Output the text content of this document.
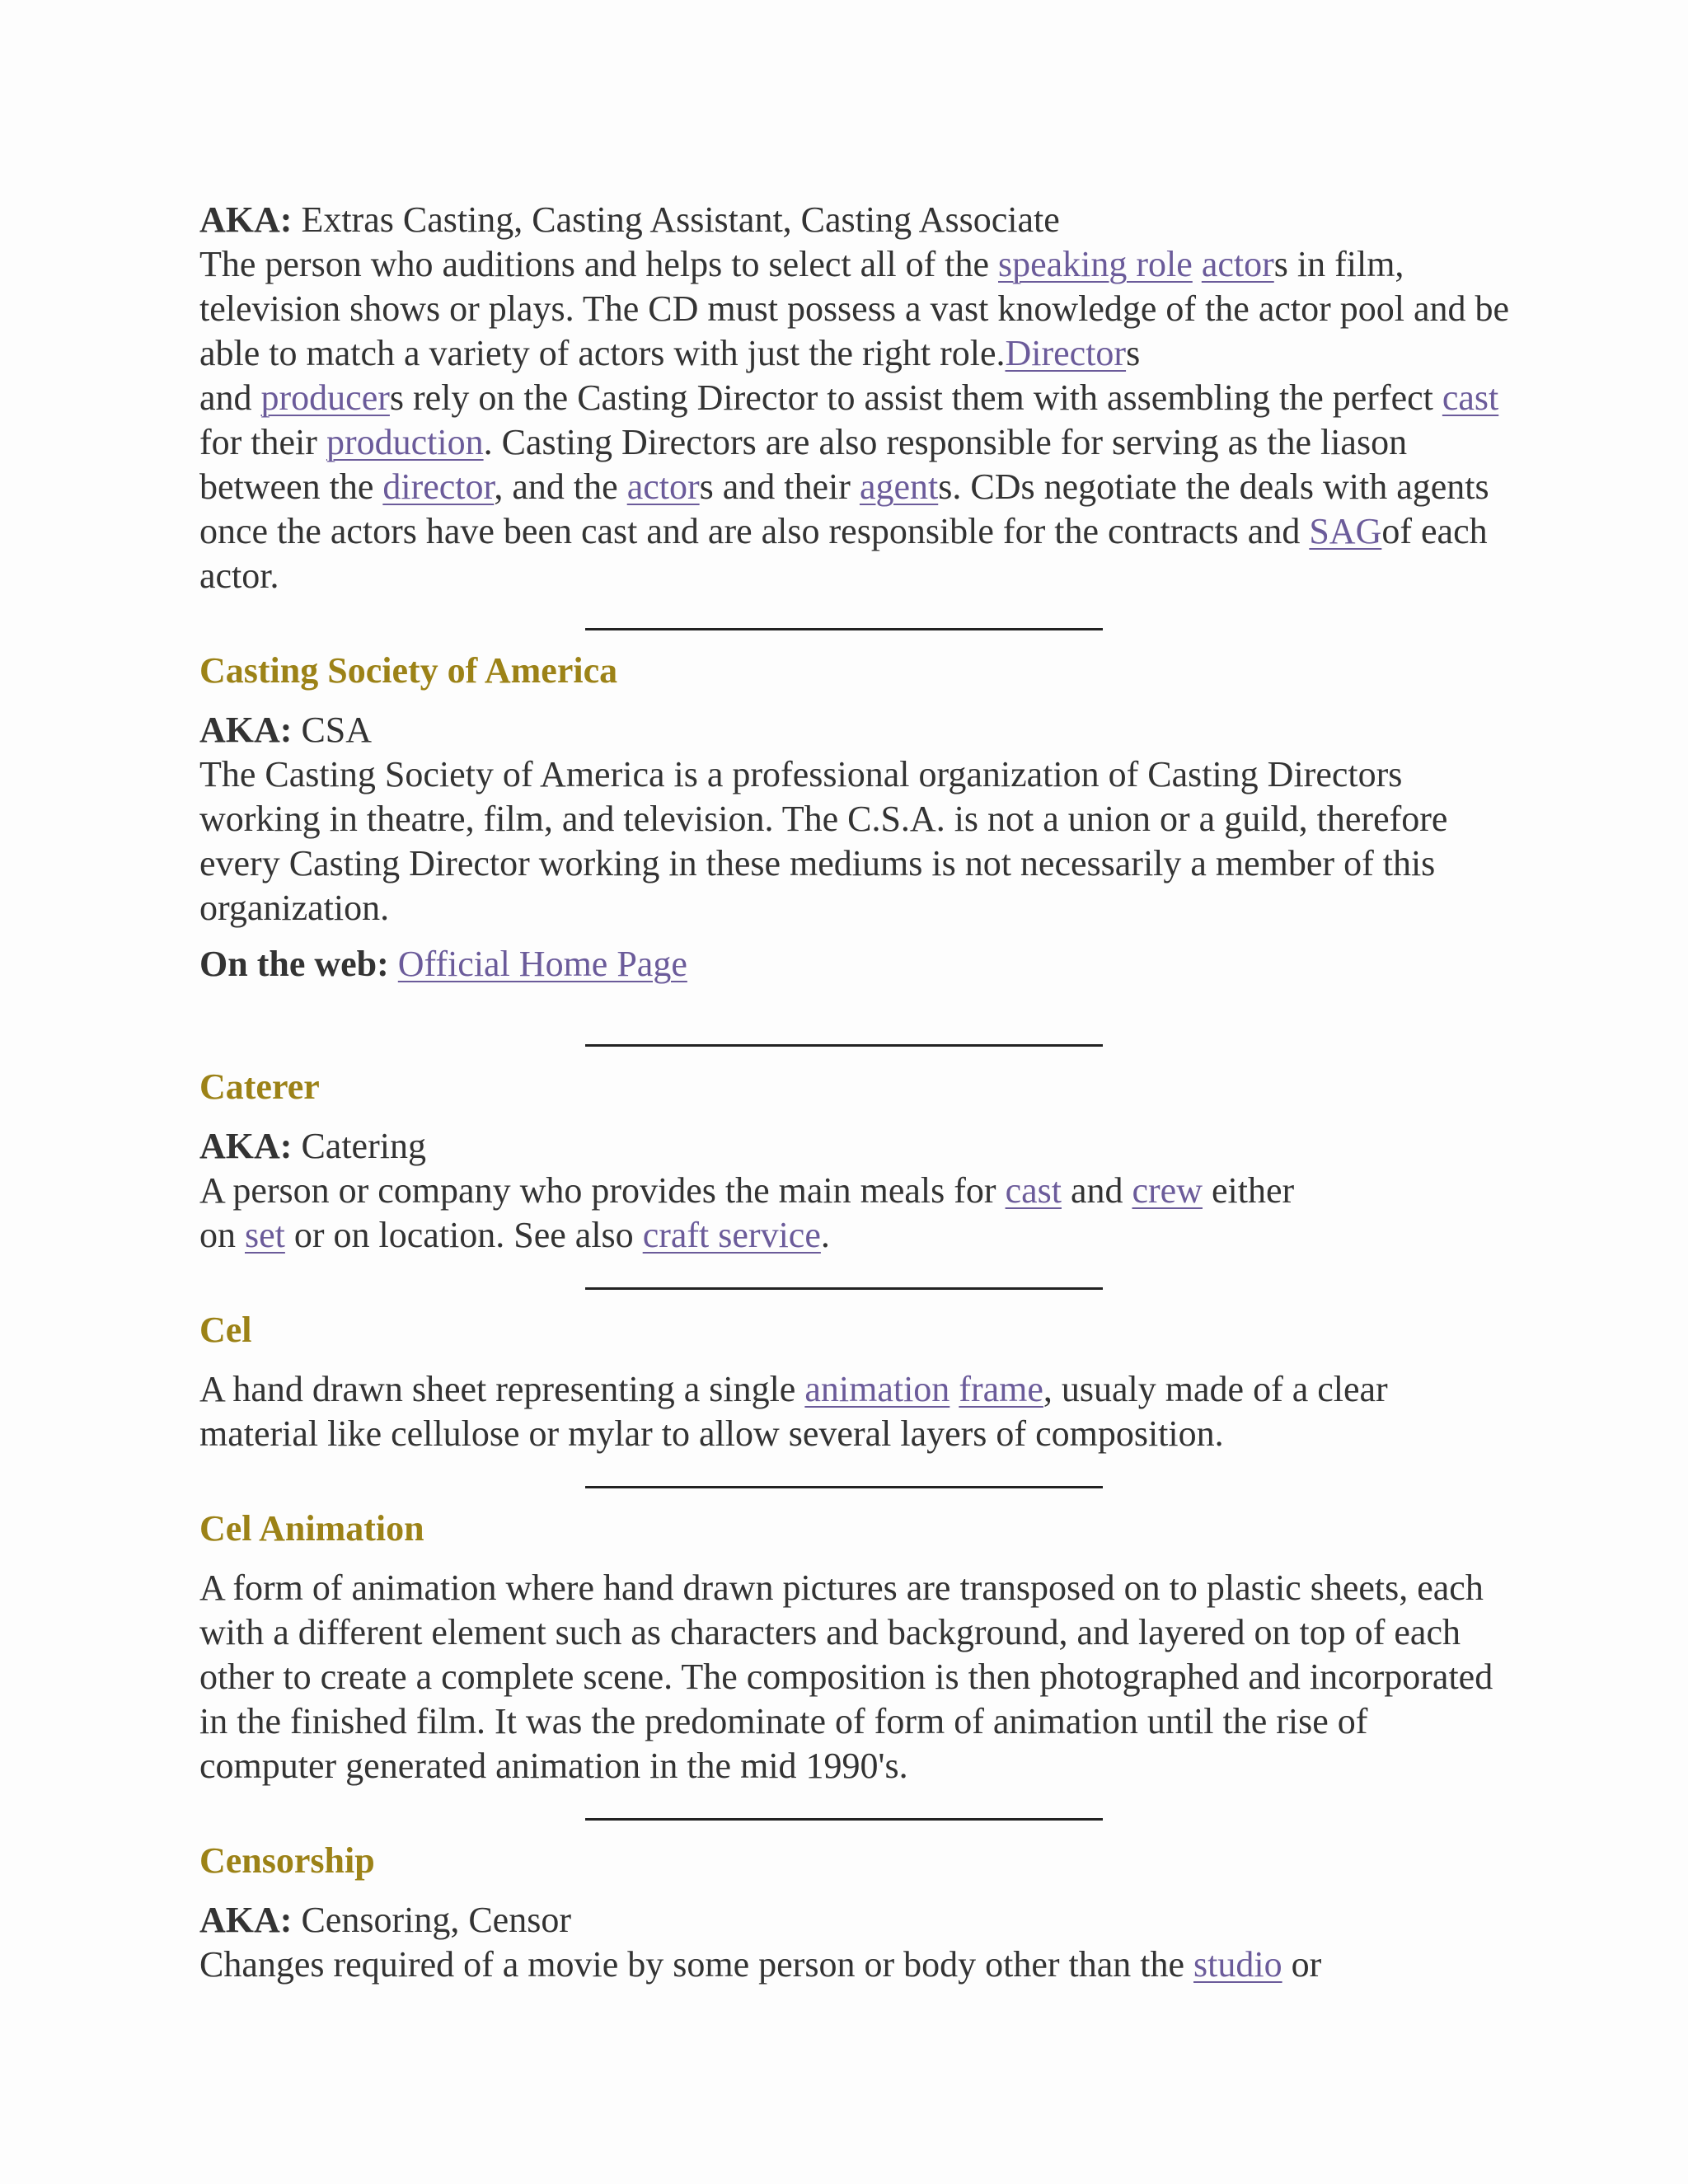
AKA: Extras Casting, Casting Assistant, Casting Associate

The person who auditions and helps to select all of the speaking role actors in film, television shows or plays. The CD must possess a vast knowledge of the actor pool and be able to match a variety of actors with just the right role.Directors
and producers rely on the Casting Director to assist them with assembling the perfect cast for their production. Casting Directors are also responsible for serving as the liason between the director, and the actors and their agents. CDs negotiate the deals with agents once the actors have been cast and are also responsible for the contracts and SAGof each actor.

Casting Society of America

AKA: CSA

The Casting Society of America is a professional organization of Casting Directors working in theatre, film, and television. The C.S.A. is not a union or a guild, therefore every Casting Director working in these mediums is not necessarily a member of this organization.

On the web: Official Home Page

Caterer

AKA: Catering

A person or company who provides the main meals for cast and crew either
on set or on location. See also craft service.

Cel

A hand drawn sheet representing a single animation frame, usualy made of a clear material like cellulose or mylar to allow several layers of composition.

Cel Animation

A form of animation where hand drawn pictures are transposed on to plastic sheets, each with a different element such as characters and background, and layered on top of each other to create a complete scene. The composition is then photographed and incorporated in the finished film. It was the predominate of form of animation until the rise of computer generated animation in the mid 1990's.

Censorship

AKA: Censoring, Censor

Changes required of a movie by some person or body other than the studio or
